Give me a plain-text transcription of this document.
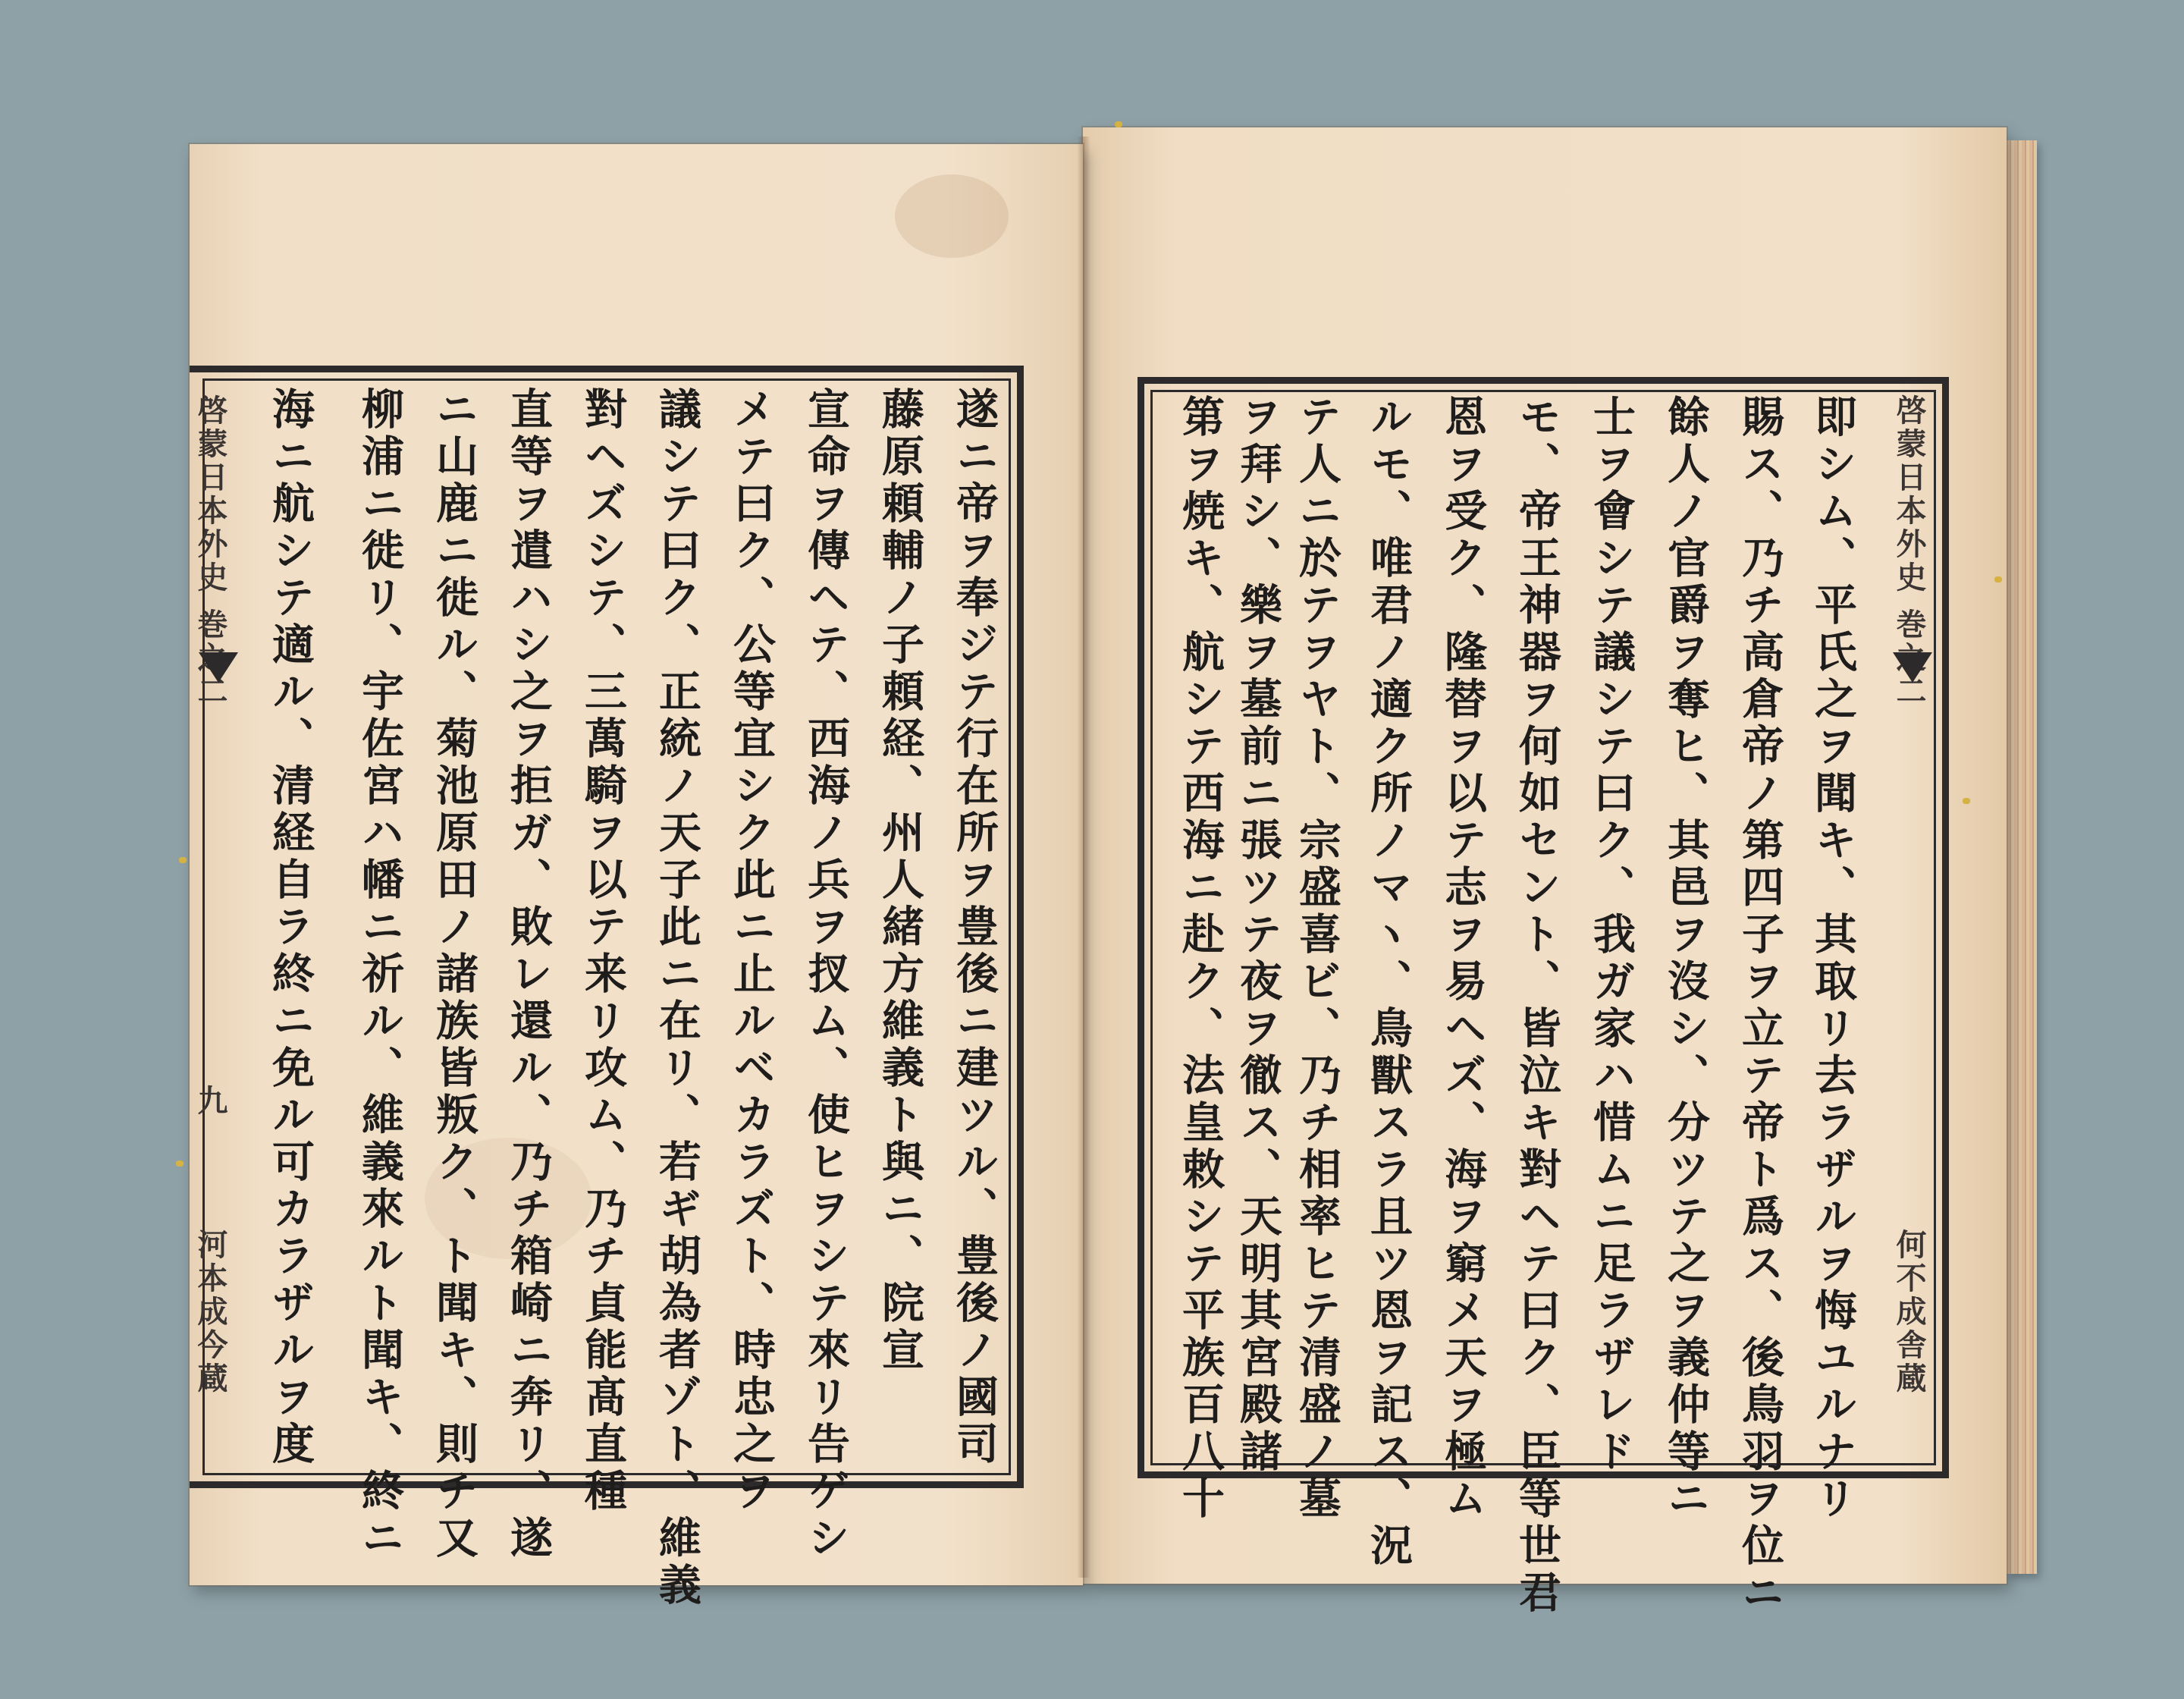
啓蒙日本外史 巻之二
九
河本成今蔵	遂ニ帝ヲ奉ジテ行在所ヲ豊後ニ建ツル、豊後ノ國司
藤原頼輔ノ子頼経、州人緒方維義ト與ニ、院宣
宣命ヲ傳ヘテ、西海ノ兵ヲ扠ム、使ヒヲシテ來リ告ゲシ
メテ曰ク、公等宜シク此ニ止ルベカラズト、時忠之ヲ
議シテ曰ク、正統ノ天子此ニ在リ、若ギ胡為者ゾト、維義
對ヘズシテ、三萬騎ヲ以テ来リ攻ム、乃チ貞能髙直種
直等ヲ遣ハシ之ヲ拒ガ、敗レ還ル、乃チ箱崎ニ奔リ、遂
ニ山鹿ニ徙ル、菊池原田ノ諸族皆叛ク、ト聞キ、則チ又
柳浦ニ徙リ、宇佐宮ハ幡ニ祈ル、維義來ルト聞キ、終ニ
海ニ航シテ適ル、清経自ラ終ニ免ル可カラザルヲ度	士ヲ會シテ議シテ曰ク、我ガ家ハ惜ムニ足ラザレド
モ、帝王神器ヲ何如セント、皆泣キ對ヘテ曰ク、臣等世君
恩ヲ受ク、隆替ヲ以テ志ヲ易ヘズ、海ヲ窮メ天ヲ極ム
ルモ、唯君ノ適ク所ノマヽ、鳥獸スラ且ツ恩ヲ記ス、況
テ人ニ於テヲヤト、宗盛喜ビ、乃チ相率ヒテ清盛ノ墓
ヲ拜シ、樂ヲ墓前ニ張ツテ夜ヲ徹ス、天明其宮殿諸
第ヲ焼キ、航シテ西海ニ赴ク、法皇敕シテ平族百八十	餘人ノ官爵ヲ奪ヒ、其邑ヲ沒シ、分ツテ之ヲ義仲等ニ 賜ス、乃チ高倉帝ノ第四子ヲ立テ帝ト爲ス、後鳥羽ヲ位ニ 即シム、平氏之ヲ聞キ、其取リ去ラザルヲ悔ユルナリ 啓蒙日本外史 巻之二
何不成舎蔵
